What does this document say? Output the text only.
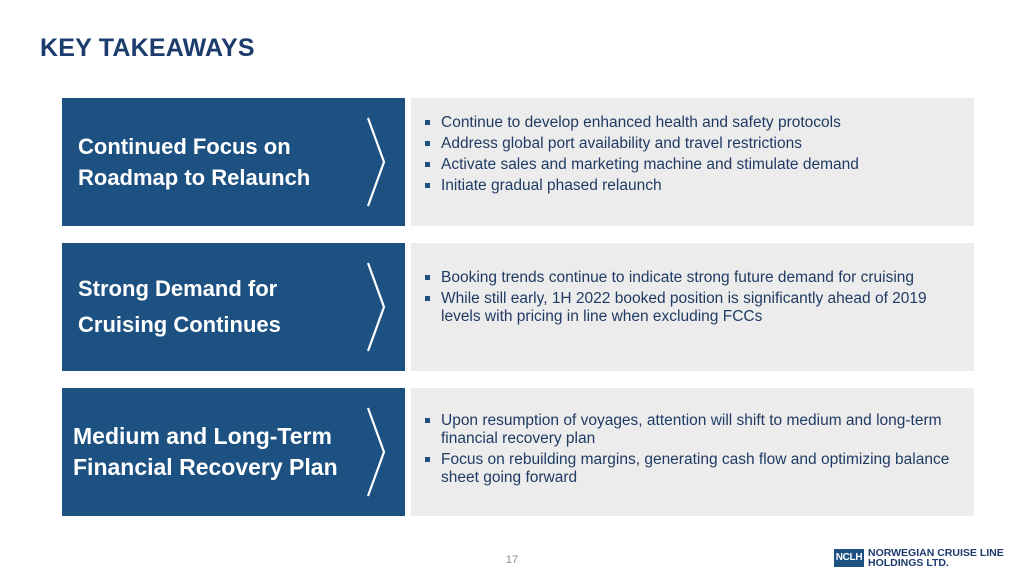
KEY TAKEAWAYS
Continued Focus on Roadmap to Relaunch
Continue to develop enhanced health and safety protocols
Address global port availability and travel restrictions
Activate sales and marketing machine and stimulate demand
Initiate gradual phased relaunch
Strong Demand for Cruising Continues
Booking trends continue to indicate strong future demand for cruising
While still early, 1H 2022 booked position is significantly ahead of 2019 levels with pricing in line when excluding FCCs
Medium and Long-Term Financial Recovery Plan
Upon resumption of voyages, attention will shift to medium and long-term financial recovery plan
Focus on rebuilding margins, generating cash flow and optimizing balance sheet going forward
17	NCLH NORWEGIAN CRUISE LINE
HOLDINGS LTD.
